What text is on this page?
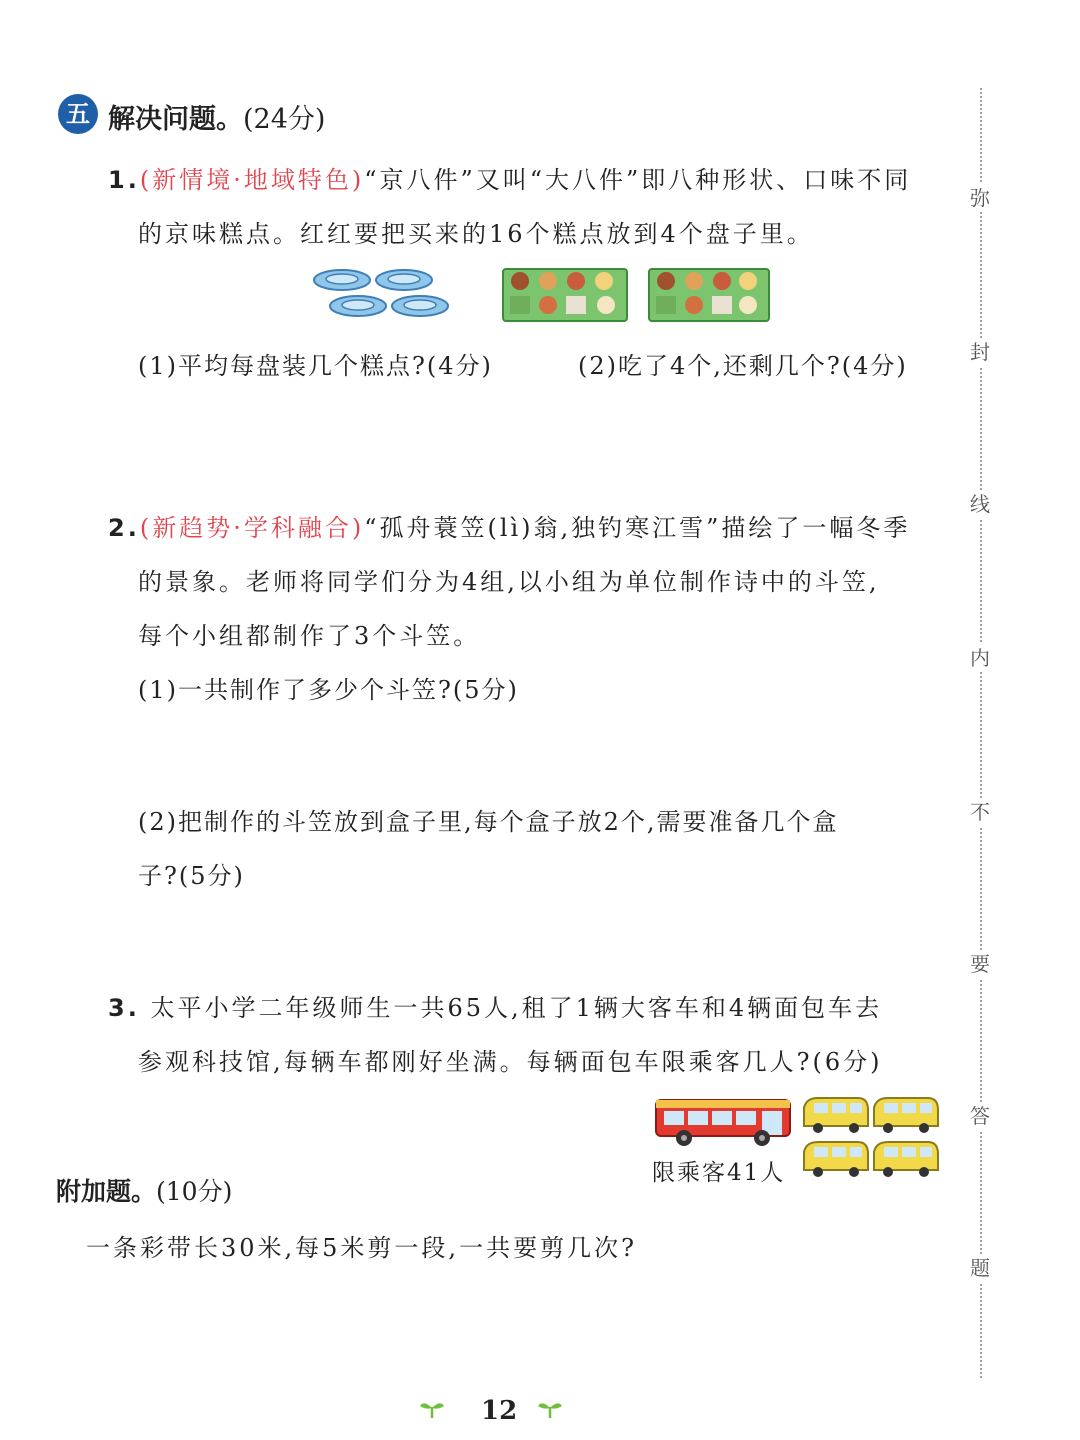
五 解决问题。(24分)
1.(新情境·地域特色)“京八件”又叫“大八件”即八种形状、口味不同
的京味糕点。红红要把买来的16个糕点放到4个盘子里。
(1)平均每盘装几个糕点?(4分)	(2)吃了4个,还剩几个?(4分)
2.(新趋势·学科融合)“孤舟蓑笠(lì)翁,独钓寒江雪”描绘了一幅冬季
的景象。老师将同学们分为4组,以小组为单位制作诗中的斗笠,
每个小组都制作了3个斗笠。
(1)一共制作了多少个斗笠?(5分)
(2)把制作的斗笠放到盒子里,每个盒子放2个,需要准备几个盒
子?(5分)
3. 太平小学二年级师生一共65人,租了1辆大客车和4辆面包车去
参观科技馆,每辆车都刚好坐满。每辆面包车限乘客几人?(6分)
限乘客41人
附加题。(10分)
一条彩带长30米,每5米剪一段,一共要剪几次?
弥
封
线
内
不
要
答
题
12
